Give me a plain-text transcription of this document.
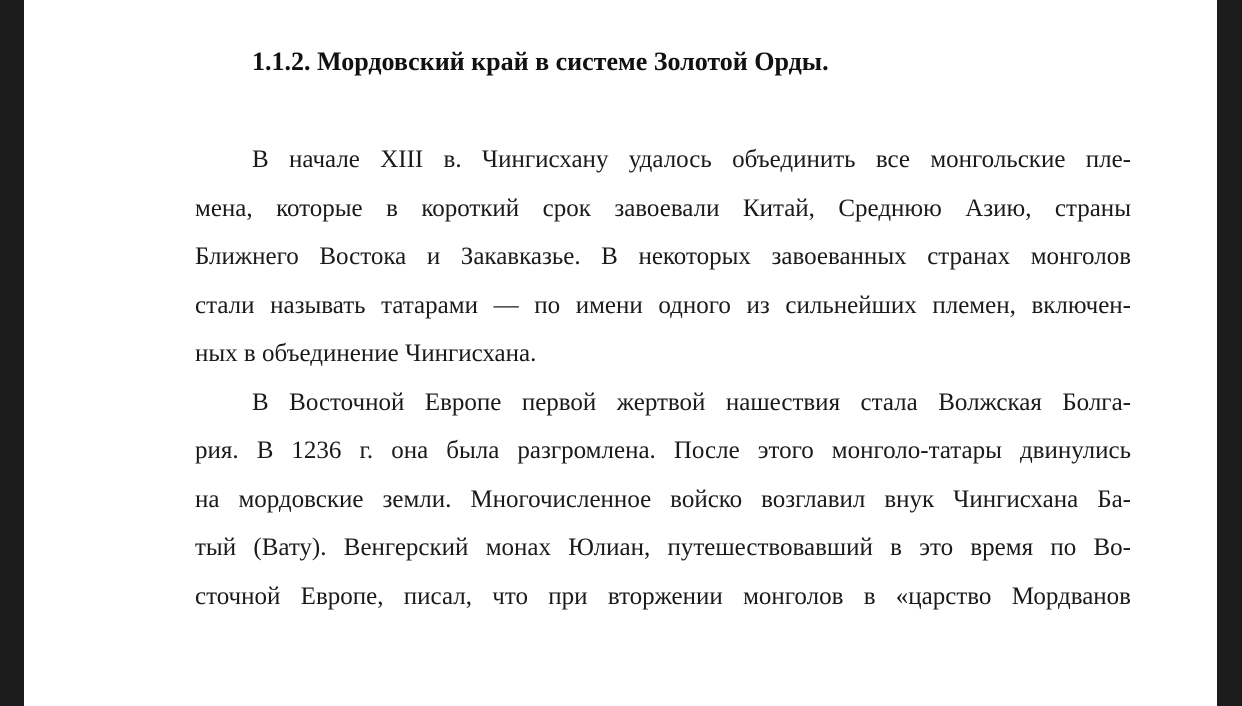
1.1.2. Мордовский край в системе Золотой Орды.
В начале XIII в. Чингисхану удалось объединить все монгольские пле-
мена, которые в короткий срок завоевали Китай, Среднюю Азию, страны
Ближнего Востока и Закавказье. В некоторых завоеванных странах монголов
стали называть татарами — по имени одного из сильнейших племен, включен-
ных в объединение Чингисхана.
В Восточной Европе первой жертвой нашествия стала Волжская Болга-
рия. В 1236 г. она была разгромлена. После этого монголо-татары двинулись
на мордовские земли. Многочисленное войско возглавил внук Чингисхана Ба-
тый (Вату). Венгерский монах Юлиан, путешествовавший в это время по Во-
сточной Европе, писал, что при вторжении монголов в «царство Мордванов
